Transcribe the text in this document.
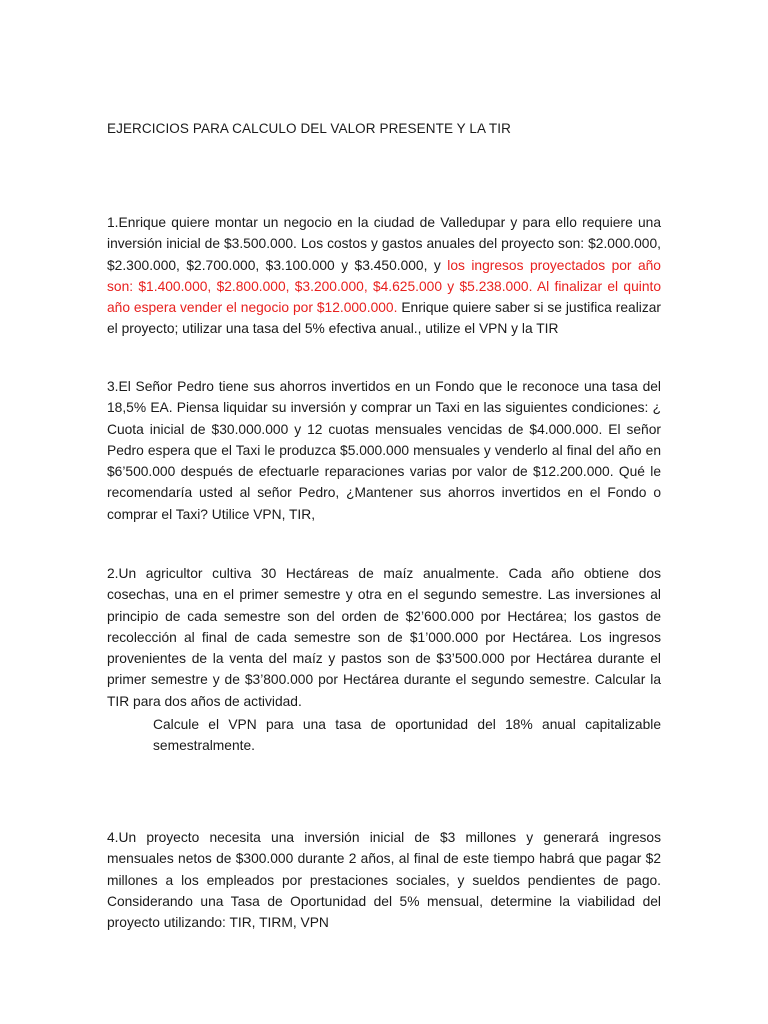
EJERCICIOS PARA CALCULO DEL VALOR PRESENTE Y LA TIR

1.Enrique quiere montar un negocio en la ciudad de Valledupar y para ello requiere una inversión inicial de $3.500.000. Los costos y gastos anuales del proyecto son: $2.000.000, $2.300.000, $2.700.000, $3.100.000 y $3.450.000, y los ingresos proyectados por año son: $1.400.000, $2.800.000, $3.200.000, $4.625.000 y $5.238.000. Al finalizar el quinto año espera vender el negocio por $12.000.000. Enrique quiere saber si se justifica realizar el proyecto; utilizar una tasa del 5% efectiva anual., utilize el VPN y la TIR

3.El Señor Pedro tiene sus ahorros invertidos en un Fondo que le reconoce una tasa del 18,5% EA. Piensa liquidar su inversión y comprar un Taxi en las siguientes condiciones: ¿ Cuota inicial de $30.000.000 y 12 cuotas mensuales vencidas de $4.000.000. El señor Pedro espera que el Taxi le produzca $5.000.000 mensuales y venderlo al final del año en $6’500.000 después de efectuarle reparaciones varias por valor de $12.200.000. Qué le recomendaría usted al señor Pedro, ¿Mantener sus ahorros invertidos en el Fondo o comprar el Taxi? Utilice VPN, TIR,

2.Un agricultor cultiva 30 Hectáreas de maíz anualmente. Cada año obtiene dos cosechas, una en el primer semestre y otra en el segundo semestre. Las inversiones al principio de cada semestre son del orden de $2’600.000 por Hectárea; los gastos de recolección al final de cada semestre son de $1’000.000 por Hectárea. Los ingresos provenientes de la venta del maíz y pastos son de $3’500.000 por Hectárea durante el primer semestre y de $3’800.000 por Hectárea durante el segundo semestre. Calcular la TIR para dos años de actividad.

Calcule el VPN para una tasa de oportunidad del 18% anual capitalizable semestralmente.

4.Un proyecto necesita una inversión inicial de $3 millones y generará ingresos mensuales netos de $300.000 durante 2 años, al final de este tiempo habrá que pagar $2 millones a los empleados por prestaciones sociales, y sueldos pendientes de pago. Considerando una Tasa de Oportunidad del 5% mensual, determine la viabilidad del proyecto utilizando: TIR, TIRM, VPN
